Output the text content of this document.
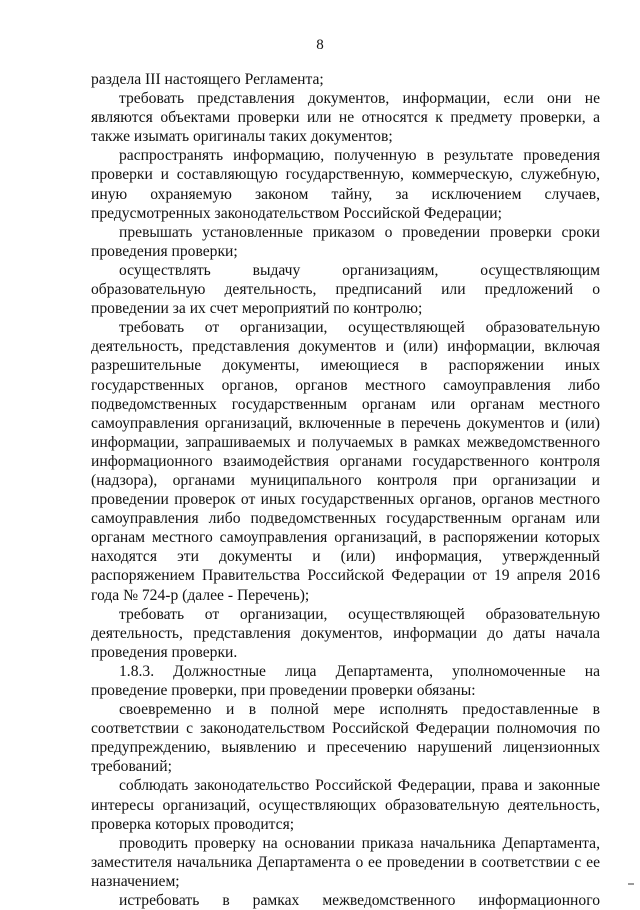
8

раздела III настоящего Регламента;

требовать представления документов, информации, если они не являются объектами проверки или не относятся к предмету проверки, а также изымать оригиналы таких документов;

распространять информацию, полученную в результате проведения проверки и составляющую государственную, коммерческую, служебную, иную охраняемую законом тайну, за исключением случаев, предусмотренных законодательством Российской Федерации;

превышать установленные приказом о проведении проверки сроки проведения проверки;

осуществлять выдачу организациям, осуществляющим образовательную деятельность, предписаний или предложений о проведении за их счет мероприятий по контролю;

требовать от организации, осуществляющей образовательную деятельность, представления документов и (или) информации, включая разрешительные документы, имеющиеся в распоряжении иных государственных органов, органов местного самоуправления либо подведомственных государственным органам или органам местного самоуправления организаций, включенные в перечень документов и (или) информации, запрашиваемых и получаемых в рамках межведомственного информационного взаимодействия органами государственного контроля (надзора), органами муниципального контроля при организации и проведении проверок от иных государственных органов, органов местного самоуправления либо подведомственных государственным органам или органам местного самоуправления организаций, в распоряжении которых находятся эти документы и (или) информация, утвержденный распоряжением Правительства Российской Федерации от 19 апреля 2016 года № 724-р (далее - Перечень);

требовать от организации, осуществляющей образовательную деятельность, представления документов, информации до даты начала проведения проверки.

1.8.3. Должностные лица Департамента, уполномоченные на проведение проверки, при проведении проверки обязаны:

своевременно и в полной мере исполнять предоставленные в соответствии с законодательством Российской Федерации полномочия по предупреждению, выявлению и пресечению нарушений лицензионных требований;

соблюдать законодательство Российской Федерации, права и законные интересы организаций, осуществляющих образовательную деятельность, проверка которых проводится;

проводить проверку на основании приказа начальника Департамента, заместителя начальника Департамента о ее проведении в соответствии с ее назначением;

истребовать в рамках межведомственного информационного
